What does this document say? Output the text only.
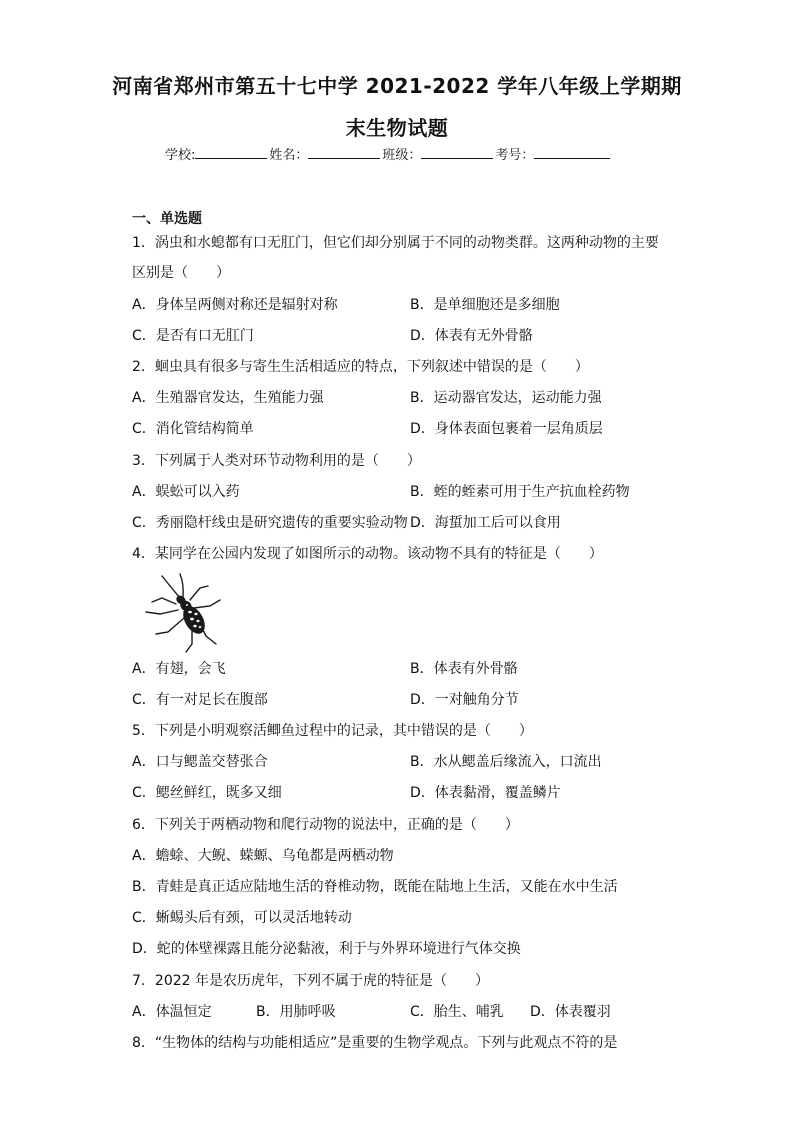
河南省郑州市第五十七中学 2021-2022 学年八年级上学期期
末生物试题
学校:	姓名：	班级：	考号：
一、单选题
1．涡虫和水螅都有口无肛门，但它们却分别属于不同的动物类群。这两种动物的主要
区别是（　　）
A．身体呈两侧对称还是辐射对称	B．是单细胞还是多细胞
C．是否有口无肛门	D．体表有无外骨骼
2．蛔虫具有很多与寄生生活相适应的特点，下列叙述中错误的是（　　）
A．生殖器官发达，生殖能力强	B．运动器官发达，运动能力强
C．消化管结构简单	D．身体表面包裹着一层角质层
3．下列属于人类对环节动物利用的是（　　）
A．蜈蚣可以入药	B．蛭的蛭素可用于生产抗血栓药物
C．秀丽隐杆线虫是研究遗传的重要实验动物 D．海蜇加工后可以食用
4．某同学在公园内发现了如图所示的动物。该动物不具有的特征是（　　）
A．有翅，会飞	B．体表有外骨骼
C．有一对足长在腹部	D．一对触角分节
5．下列是小明观察活鲫鱼过程中的记录，其中错误的是（　　）
A．口与鳃盖交替张合	B．水从鳃盖后缘流入，口流出
C．鳃丝鲜红，既多又细	D．体表黏滑，覆盖鳞片
6．下列关于两栖动物和爬行动物的说法中，正确的是（　　）
A．蟾蜍、大鲵、蝾螈、乌龟都是两栖动物
B．青蛙是真正适应陆地生活的脊椎动物，既能在陆地上生活，又能在水中生活
C．蜥蜴头后有颈，可以灵活地转动
D．蛇的体壁裸露且能分泌黏液，利于与外界环境进行气体交换
7．2022 年是农历虎年，下列不属于虎的特征是（　　）
A．体温恒定	B．用肺呼吸	C．胎生、哺乳 D．体表覆羽
8．“生物体的结构与功能相适应”是重要的生物学观点。下列与此观点不符的是
